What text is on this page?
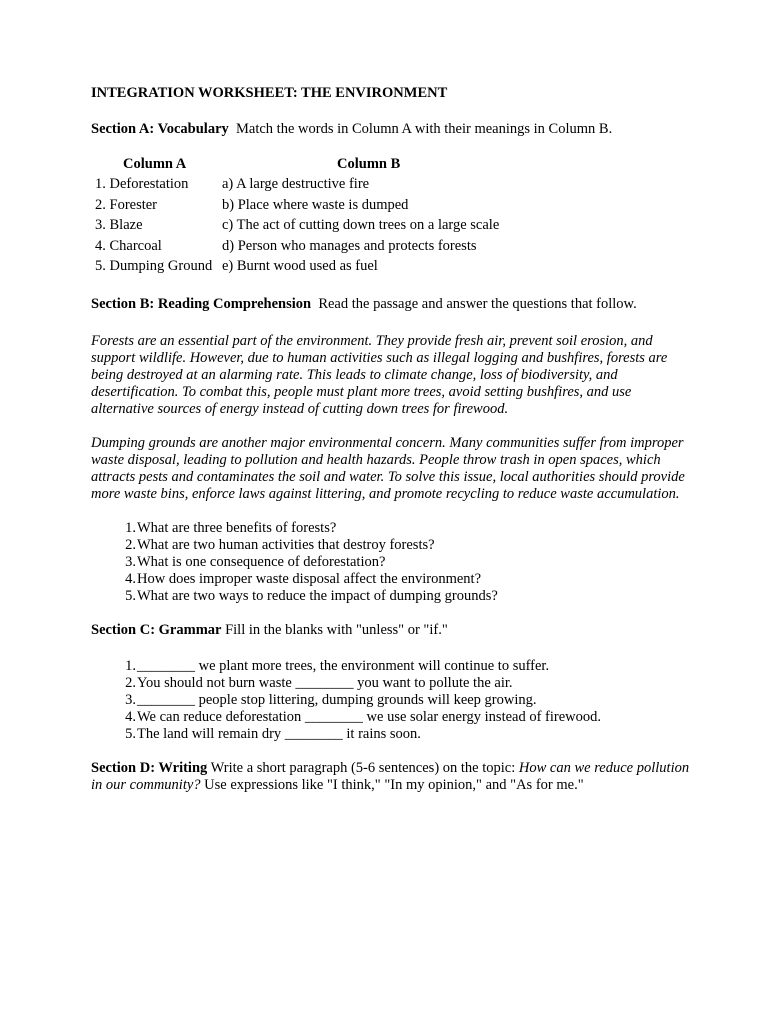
INTEGRATION WORKSHEET: THE ENVIRONMENT
Section A: Vocabulary Match the words in Column A with their meanings in Column B.
Column A	Column B
1. Deforestation	a) A large destructive fire
2. Forester	b) Place where waste is dumped
3. Blaze	c) The act of cutting down trees on a large scale
4. Charcoal	d) Person who manages and protects forests
5. Dumping Ground e) Burnt wood used as fuel
Section B: Reading Comprehension Read the passage and answer the questions that follow.

Forests are an essential part of the environment. They provide fresh air, prevent soil erosion, and support wildlife. However, due to human activities such as illegal logging and bushfires, forests are being destroyed at an alarming rate. This leads to climate change, loss of biodiversity, and desertification. To combat this, people must plant more trees, avoid setting bushfires, and use alternative sources of energy instead of cutting down trees for firewood.

Dumping grounds are another major environmental concern. Many communities suffer from improper waste disposal, leading to pollution and health hazards. People throw trash in open spaces, which attracts pests and contaminates the soil and water. To solve this issue, local authorities should provide more waste bins, enforce laws against littering, and promote recycling to reduce waste accumulation.

1. What are three benefits of forests?
2. What are two human activities that destroy forests?
3. What is one consequence of deforestation?
4. How does improper waste disposal affect the environment?
5. What are two ways to reduce the impact of dumping grounds?
Section C: Grammar Fill in the blanks with "unless" or "if."
1. ________ we plant more trees, the environment will continue to suffer.
2. You should not burn waste ________ you want to pollute the air.
3. ________ people stop littering, dumping grounds will keep growing.
4. We can reduce deforestation ________ we use solar energy instead of firewood.
5. The land will remain dry ________ it rains soon.
Section D: Writing Write a short paragraph (5-6 sentences) on the topic: How can we reduce pollution in our community? Use expressions like "I think," "In my opinion," and "As for me."
